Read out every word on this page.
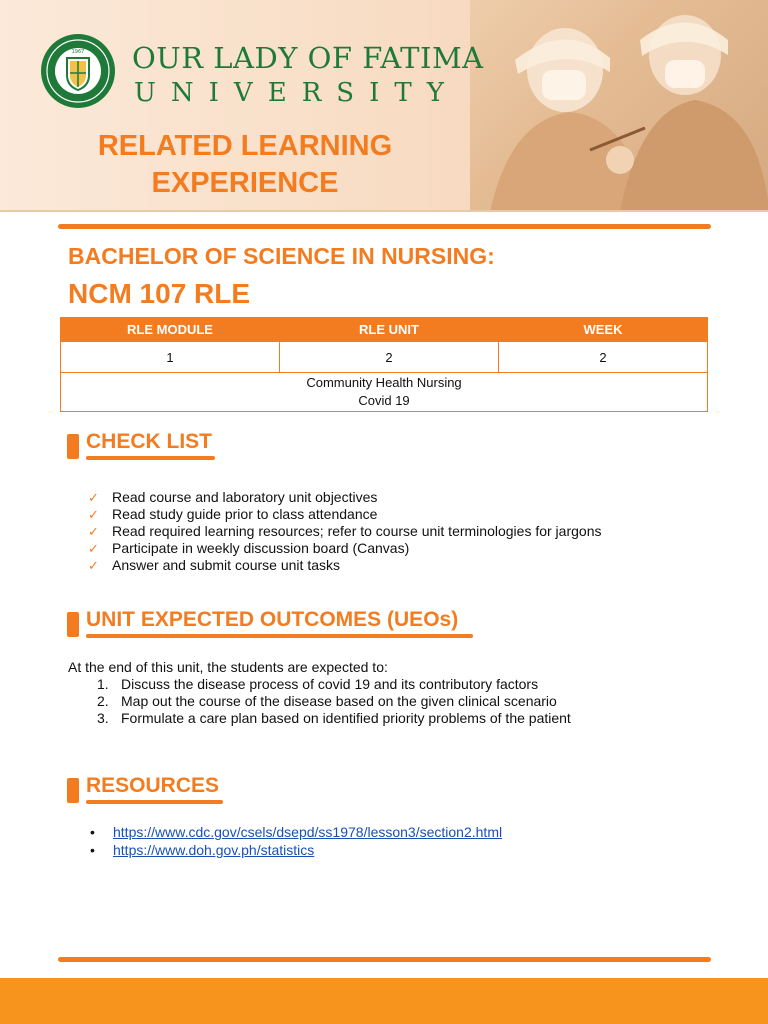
1967 OUR LADY OF FATIMA
UNIVERSITY
RELATED LEARNING
EXPERIENCE
BACHELOR OF SCIENCE IN NURSING:
NCM 107 RLE
RLE MODULE	RLE UNIT	WEEK
1	2	2

Community Health Nursing
Covid 19		
CHECK LIST
✓ Read course and laboratory unit objectives
✓ Read study guide prior to class attendance
✓ Read required learning resources; refer to course unit terminologies for jargons
✓ Participate in weekly discussion board (Canvas)
✓ Answer and submit course unit tasks
UNIT EXPECTED OUTCOMES (UEOs)
At the end of this unit, the students are expected to:
1. Discuss the disease process of covid 19 and its contributory factors
2. Map out the course of the disease based on the given clinical scenario
3. Formulate a care plan based on identified priority problems of the patient
RESOURCES
• https://www.cdc.gov/csels/dsepd/ss1978/lesson3/section2.html
• https://www.doh.gov.ph/statistics
